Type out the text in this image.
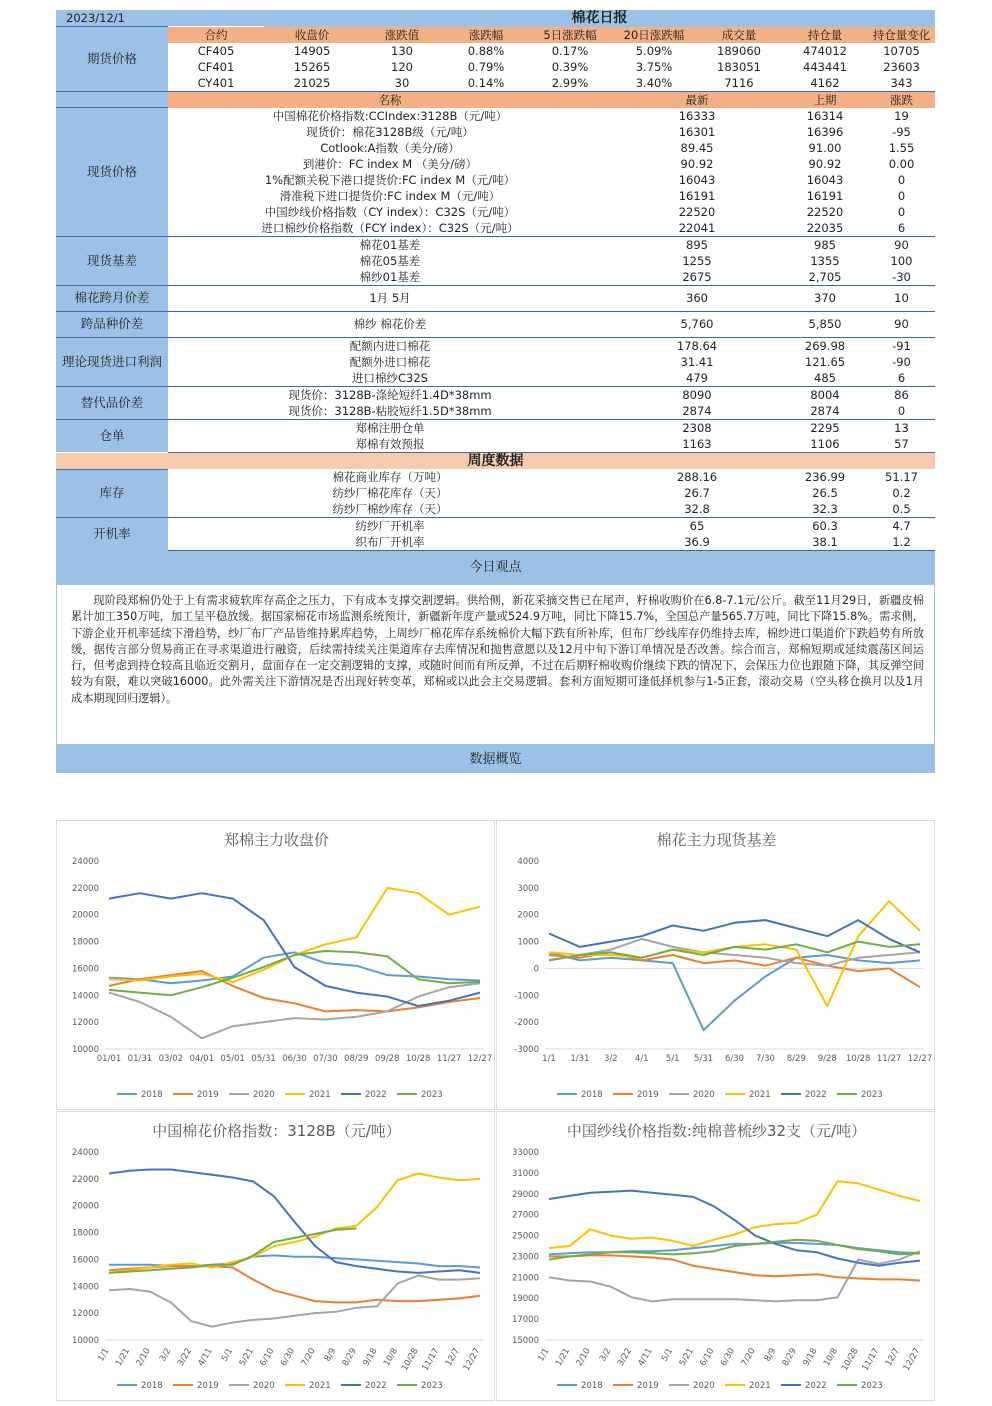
2023/12/1		棉花日报							
期货价格	合约	收盘价	涨跌值	涨跌幅	5日涨跌幅	20日涨跌幅	成交量	持仓量	持仓量变化
	CF405	14905	130	0.88%	0.17%	5.09%	189060	474012	10705
	CF401	15265	120	0.79%	0.39%	3.75%	183051	443441	23603
	CY401	21025	30	0.14%	2.99%	3.40%	7116	4162	343
	名称					最新		上期	涨跌
现货价格	中国棉花价格指数:CCIndex:3128B（元/吨）					16333		16314	19
	现货价：棉花3128B级（元/吨）					16301		16396	-95
	Cotlook:A指数（美分/磅）					89.45		91.00	1.55
	到港价：FC index M （美分/磅）					90.92		90.92	0.00
	1%配额关税下港口提货价:FC index M（元/吨）					16043		16043	0
	滑准税下进口提货价:FC index M（元/吨）					16191		16191	0
	中国纱线价格指数（CY index）：C32S（元/吨）					22520		22520	0
	进口棉纱价格指数（FCY index）：C32S（元/吨）					22041		22035	6
现货基差	棉花01基差					895		985	90
	棉花05基差					1255		1355	100
	棉纱01基差					2675		2,705	-30
棉花跨月价差	1月 5月					360		370	10
跨品种价差	棉纱 棉花价差					5,760		5,850	90
理论现货进口利润	配额内进口棉花					178.64		269.98	-91
	配额外进口棉花					31.41		121.65	-90
	进口棉纱C32S					479		485	6
替代品价差	现货价：3128B-涤纶短纤1.4D*38mm					8090		8004	86
	现货价：3128B-粘胶短纤1.5D*38mm					2874		2874	0
仓单	郑棉注册仓单					2308		2295	13
	郑棉有效预报					1163		1106	57
周度数据									
库存	棉花商业库存（万吨）					288.16		236.99	51.17
	纺纱厂棉花库存（天）					26.7		26.5	0.2
	纺纱厂棉纱库存（天）					32.8		32.3	0.5
开机率	纺纱厂开机率					65		60.3	4.7
	织布厂开机率					36.9		38.1	1.2
今日观点									
现阶段郑棉仍处于上有需求疲软库存高企之压力，下有成本支撑交割逻辑。供给侧，新花采摘交售已在尾声，籽棉收购价在6.8-7.1元/公斤。截至11月29日，新疆皮棉累计加工350万吨，加工呈平稳放缓。据国家棉花市场监测系统预计，新疆新年度产量或524.9万吨，同比下降15.7%，全国总产量565.7万吨，同比下降15.8%。需求侧，下游企业开机率延续下滑趋势，纱厂布厂产品皆维持累库趋势，上周纱厂棉花库存系统棉价大幅下跌有所补库，但布厂纱线库存仍维持去库，棉纱进口渠道价下跌趋势有所放缓，据传言部分贸易商正在寻求渠道进行融资，后续需持续关注渠道库存去库情况和抛售意愿以及12月中旬下游订单情况是否改善。综合而言，郑棉短期或延续震荡区间运行，但考虑到持仓较高且临近交割月，盘面存在一定交割逻辑的支撑，或随时间而有所反弹，不过在后期籽棉收购价继续下跌的情况下，会保压力位也跟随下降，其反弹空间较为有限，难以突破16000。此外需关注下游情况是否出现好转变革，郑棉或以此会主交易逻辑。套利方面短期可逢低择机参与1-5正套，滚动交易（空头移仓换月以及1月成本期现回归逻辑）。
数据概览
郑棉主力收盘价
24000
22000
20000
18000
16000
14000
12000
10000
01/01 01/31 03/02 04/01 05/01 05/31 06/30 07/30 08/29 09/28 10/28 11/27 12/27
2018	2019	2020	2021	2022	2023
棉花主力现货基差
4000
3000
2000
1000
0
-1000
-2000
-3000
1/1 1/31 3/2 4/1 5/1 5/31 6/30 7/30 8/29 9/28 10/28 11/27 12/27
2018	2019	2020	2021	2022	2023
中国棉花价格指数：3128B（元/吨）
24000
22000
20000
18000
16000
14000
12000
10000
1/1 1/21 2/10 3/2 3/22 4/11 5/1 5/21 6/10 6/30 7/20 8/9 8/29 9/18 10/8 10/28 11/17 12/7 12/27
2018	2019	2020	2021	2022	2023
中国纱线价格指数:纯棉普梳纱32支（元/吨）
33000
31000
29000
27000
25000
23000
21000
19000
17000
15000
1/1 1/21 2/10 3/2 3/22 4/11 5/1 5/21 6/10 6/30 7/20 8/9 8/29 9/18 10/8 10/28 11/17 12/7 12/27
2018	2019	2020	2021	2022	2023
